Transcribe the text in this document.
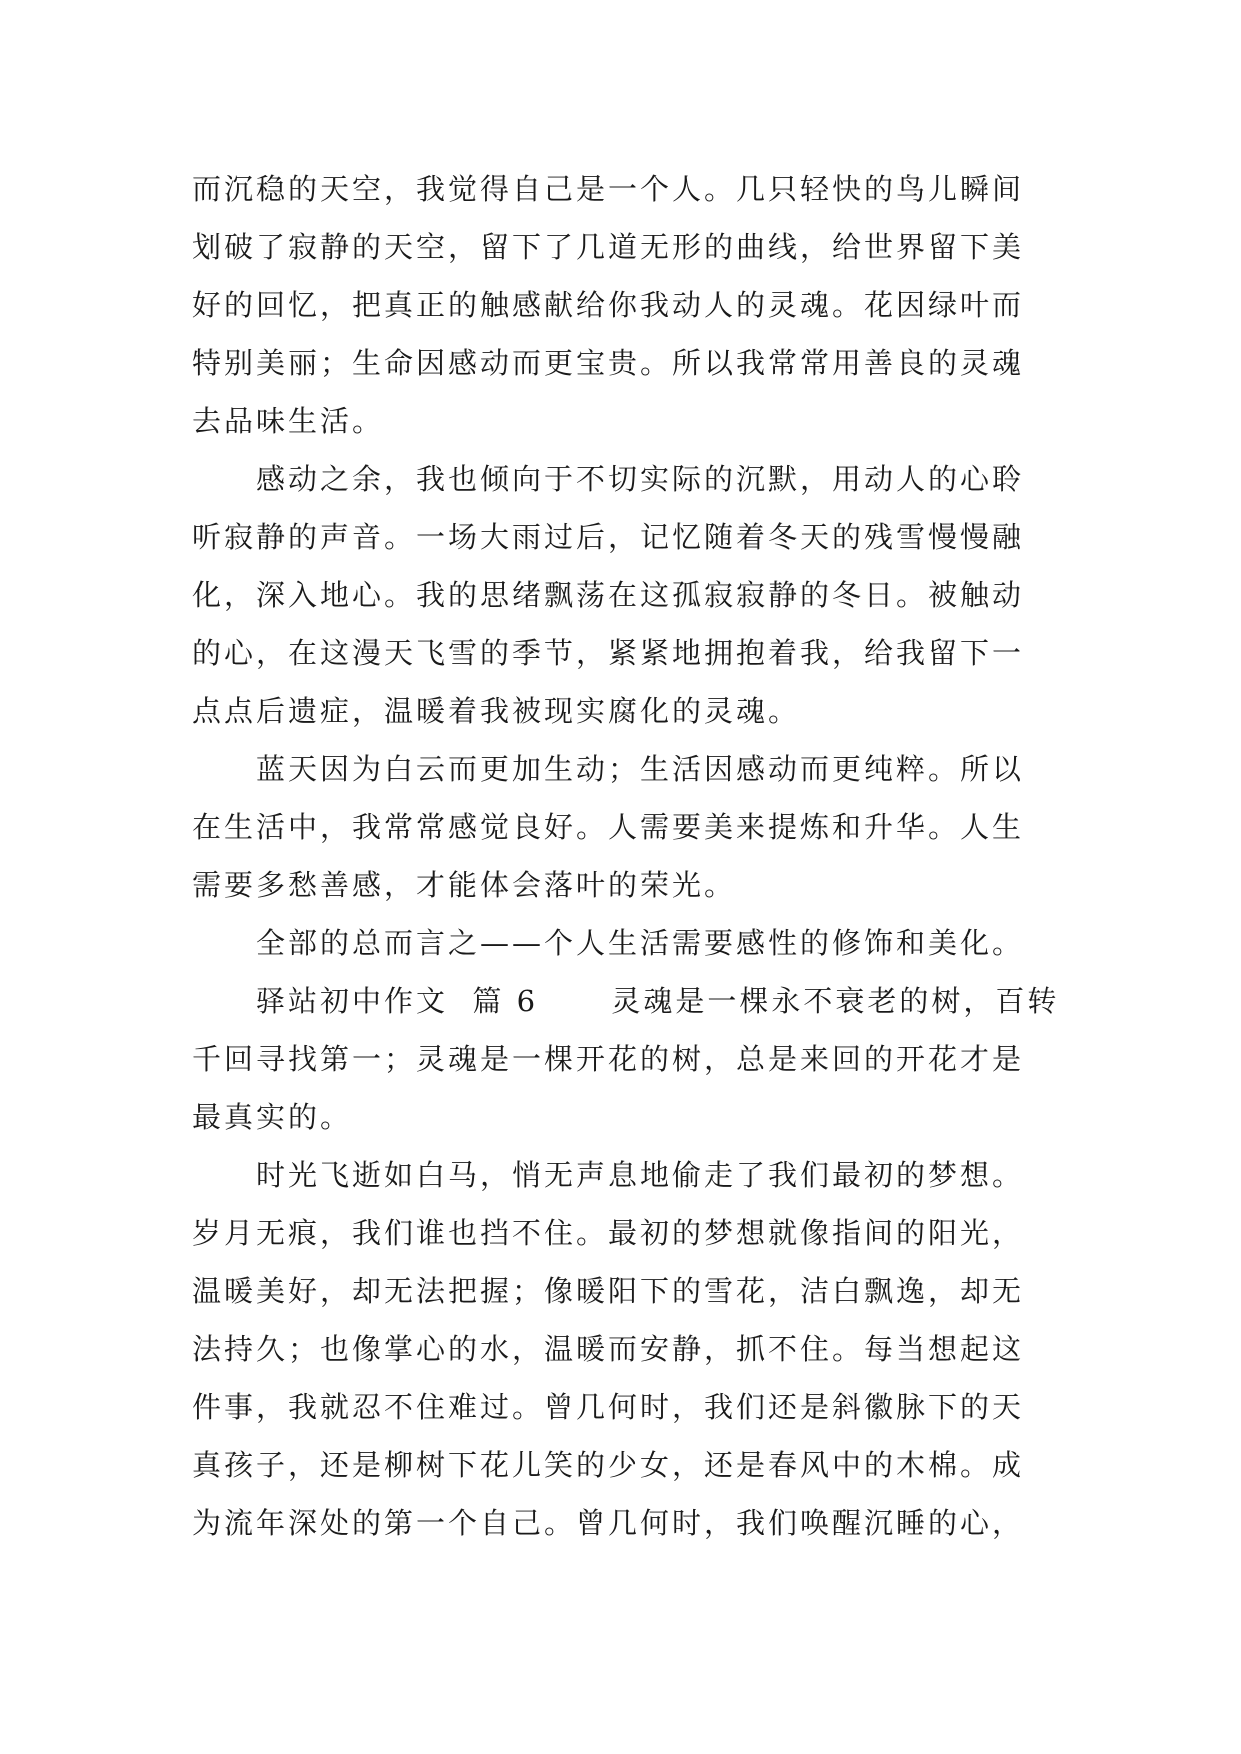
而沉稳的天空，我觉得自己是一个人。几只轻快的鸟儿瞬间
划破了寂静的天空，留下了几道无形的曲线，给世界留下美
好的回忆，把真正的触感献给你我动人的灵魂。花因绿叶而
特别美丽；生命因感动而更宝贵。所以我常常用善良的灵魂
去品味生活。
感动之余，我也倾向于不切实际的沉默，用动人的心聆
听寂静的声音。一场大雨过后，记忆随着冬天的残雪慢慢融
化，深入地心。我的思绪飘荡在这孤寂寂静的冬日。被触动
的心，在这漫天飞雪的季节，紧紧地拥抱着我，给我留下一
点点后遗症，温暖着我被现实腐化的灵魂。
蓝天因为白云而更加生动；生活因感动而更纯粹。所以
在生活中，我常常感觉良好。人需要美来提炼和升华。人生
需要多愁善感，才能体会落叶的荣光。
全部的总而言之——个人生活需要感性的修饰和美化。
驿站初中作文  篇 6      灵魂是一棵永不衰老的树，百转
千回寻找第一；灵魂是一棵开花的树，总是来回的开花才是
最真实的。
时光飞逝如白马，悄无声息地偷走了我们最初的梦想。
岁月无痕，我们谁也挡不住。最初的梦想就像指间的阳光，
温暖美好，却无法把握；像暖阳下的雪花，洁白飘逸，却无
法持久；也像掌心的水，温暖而安静，抓不住。每当想起这
件事，我就忍不住难过。曾几何时，我们还是斜徽脉下的天
真孩子，还是柳树下花儿笑的少女，还是春风中的木棉。成
为流年深处的第一个自己。曾几何时，我们唤醒沉睡的心，
